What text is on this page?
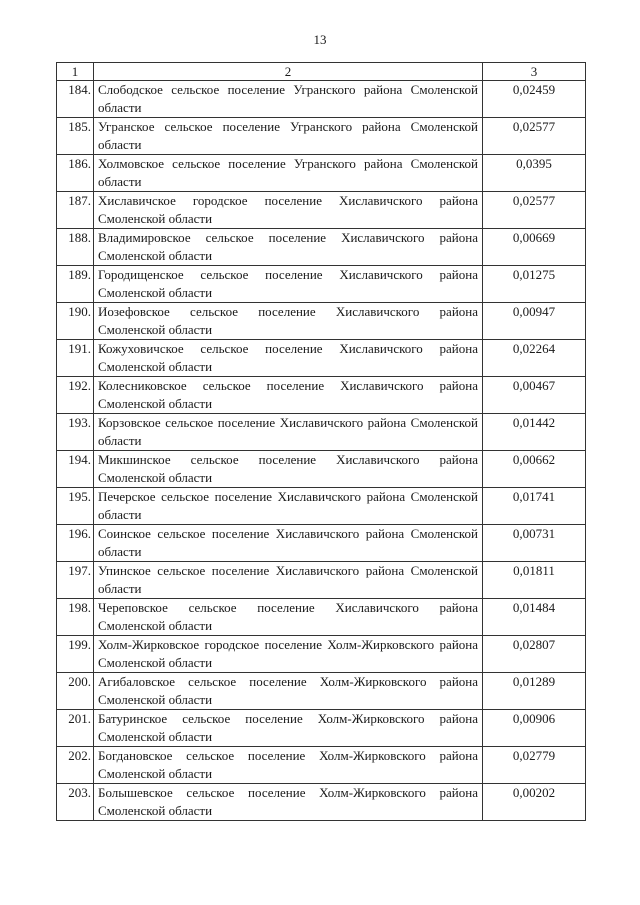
13
1	2	3
184.	Слободское сельское поселение Угранского района Смоленской области	0,02459
185.	Угранское сельское поселение Угранского района Смоленской области	0,02577
186.	Холмовское сельское поселение Угранского района Смоленской области	0,0395
187.	Хиславичское городское поселение Хиславичского района Смоленской области	0,02577
188.	Владимировское сельское поселение Хиславичского района Смоленской области	0,00669
189.	Городищенское сельское поселение Хиславичского района Смоленской области	0,01275
190.	Иозефовское сельское поселение Хиславичского района Смоленской области	0,00947
191.	Кожуховичское сельское поселение Хиславичского района Смоленской области	0,02264
192.	Колесниковское сельское поселение Хиславичского района Смоленской области	0,00467
193.	Корзовское сельское поселение Хиславичского района Смоленской области	0,01442
194.	Микшинское сельское поселение Хиславичского района Смоленской области	0,00662
195.	Печерское сельское поселение Хиславичского района Смоленской области	0,01741
196.	Соинское сельское поселение Хиславичского района Смоленской области	0,00731
197.	Упинское сельское поселение Хиславичского района Смоленской области	0,01811
198.	Череповское сельское поселение Хиславичского района Смоленской области	0,01484
199.	Холм-Жирковское городское поселение Холм-Жирковского района Смоленской области	0,02807
200.	Агибаловское сельское поселение Холм-Жирковского района Смоленской области	0,01289
201.	Батуринское сельское поселение Холм-Жирковского района Смоленской области	0,00906
202.	Богдановское сельское поселение Холм-Жирковского района Смоленской области	0,02779
203.	Болышевское сельское поселение Холм-Жирковского района Смоленской области	0,00202
